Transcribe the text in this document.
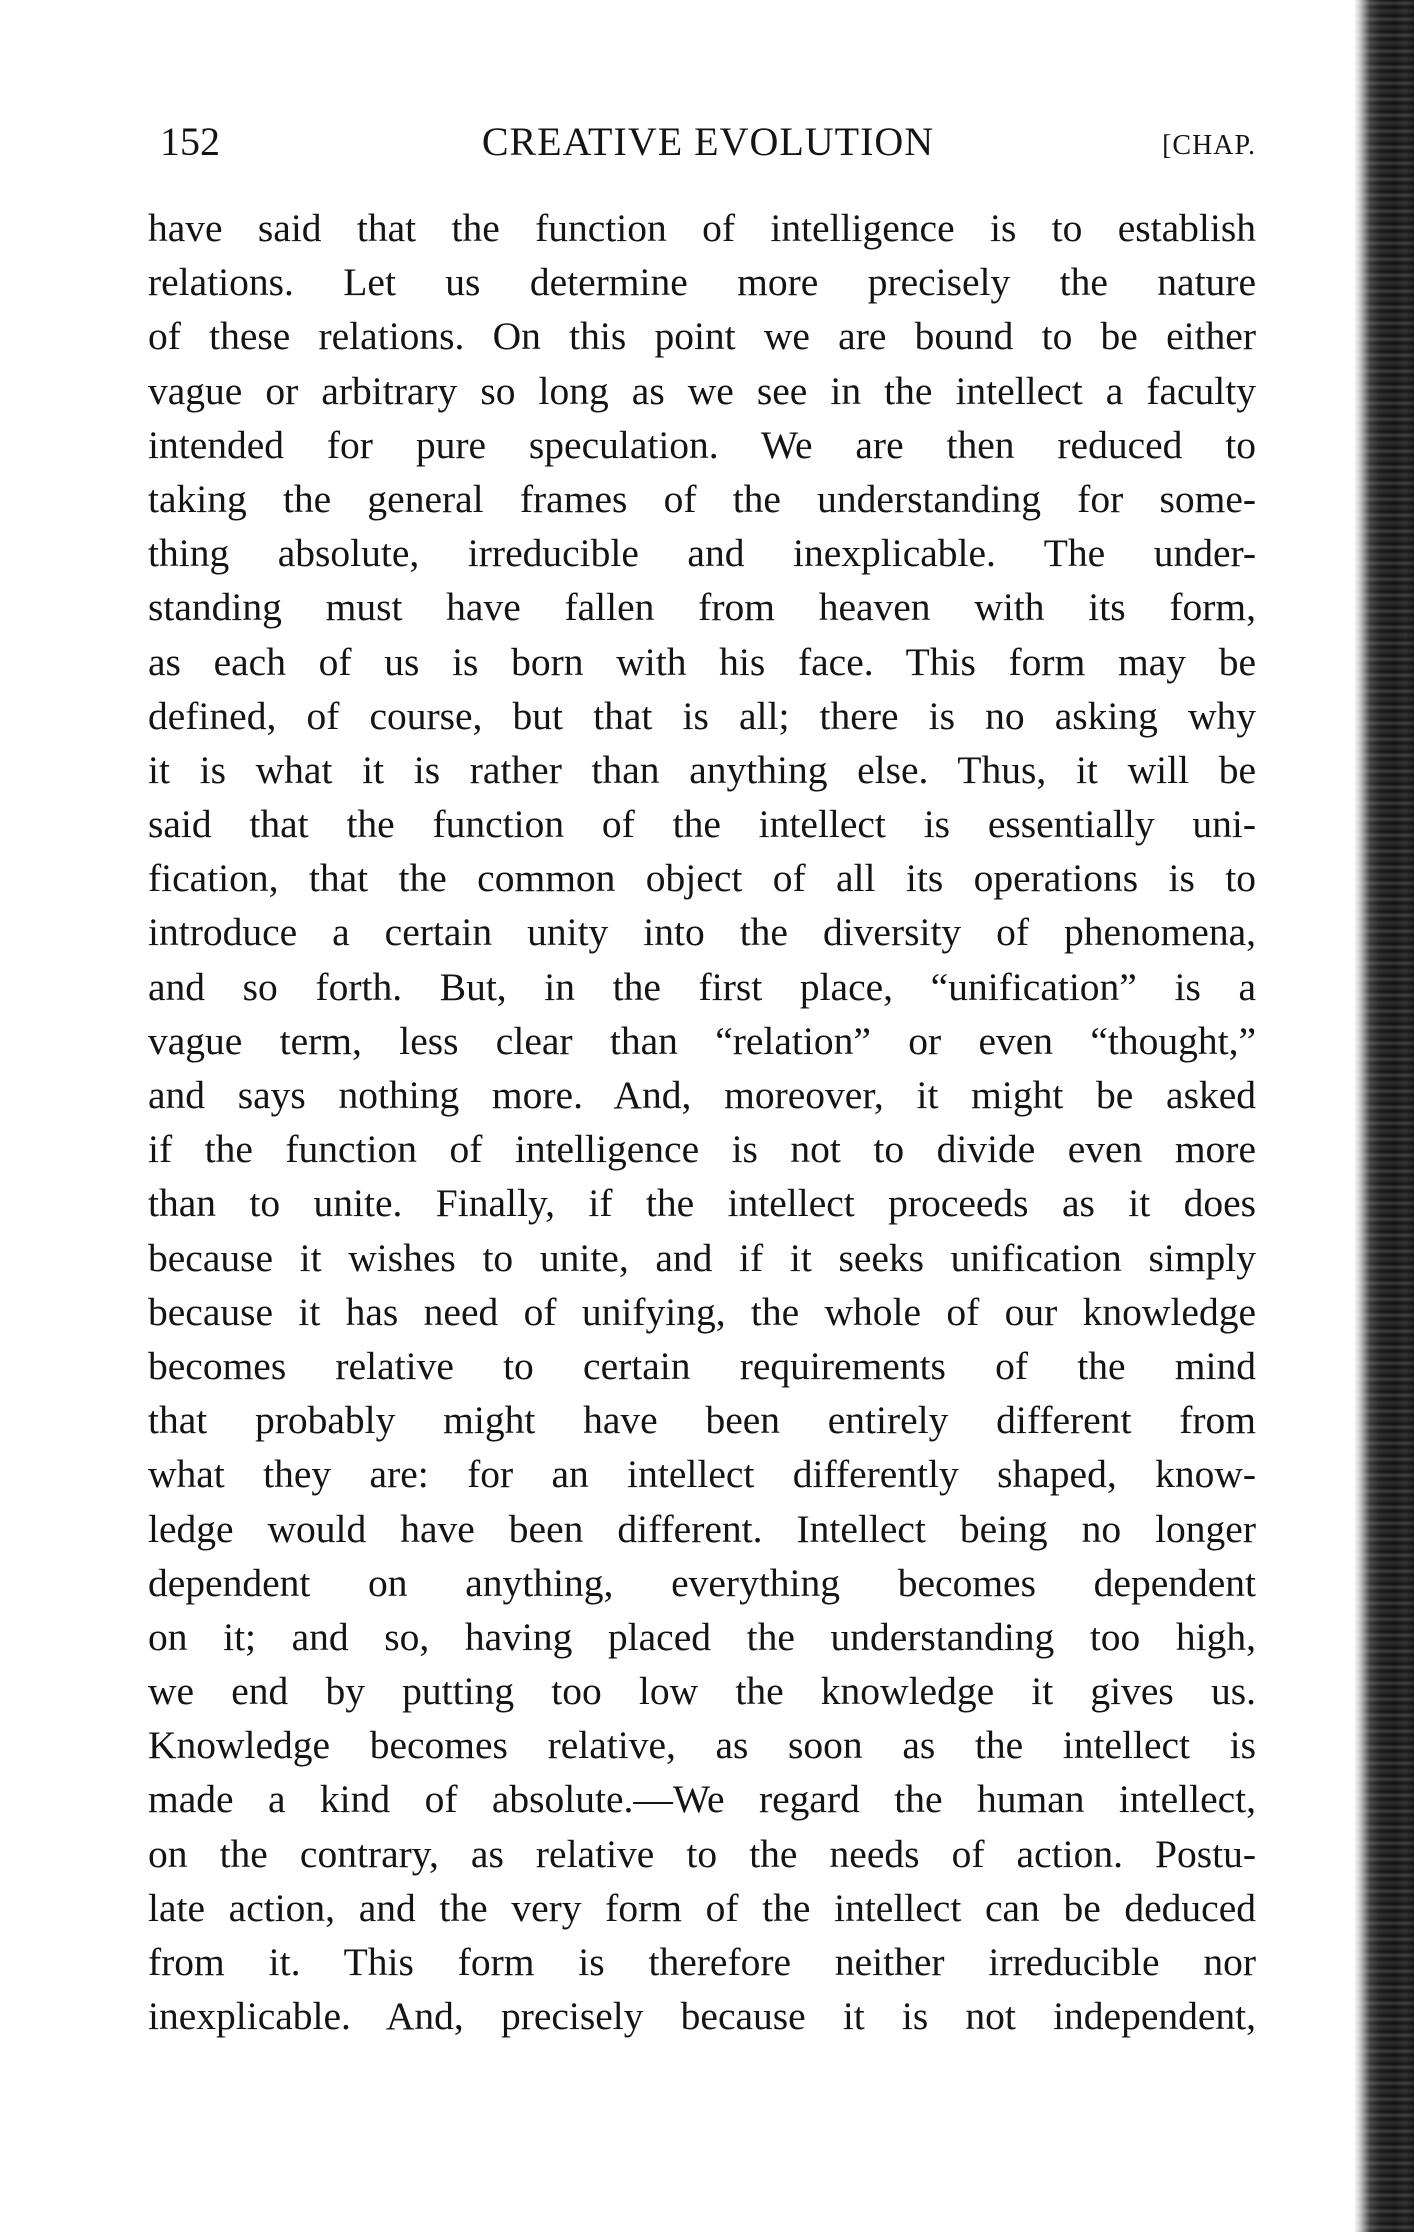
152	CREATIVE EVOLUTION	[CHAP.
have said that the function of intelligence is to establish
relations. Let us determine more precisely the nature
of these relations. On this point we are bound to be either
vague or arbitrary so long as we see in the intellect a faculty
intended for pure speculation. We are then reduced to
taking the general frames of the understanding for some-
thing absolute, irreducible and inexplicable. The under-
standing must have fallen from heaven with its form,
as each of us is born with his face. This form may be
defined, of course, but that is all; there is no asking why
it is what it is rather than anything else. Thus, it will be
said that the function of the intellect is essentially uni-
fication, that the common object of all its operations is to
introduce a certain unity into the diversity of phenomena,
and so forth. But, in the first place, “unification” is a
vague term, less clear than “relation” or even “thought,”
and says nothing more. And, moreover, it might be asked
if the function of intelligence is not to divide even more
than to unite. Finally, if the intellect proceeds as it does
because it wishes to unite, and if it seeks unification simply
because it has need of unifying, the whole of our knowledge
becomes relative to certain requirements of the mind
that probably might have been entirely different from
what they are: for an intellect differently shaped, know-
ledge would have been different. Intellect being no longer
dependent on anything, everything becomes dependent
on it; and so, having placed the understanding too high,
we end by putting too low the knowledge it gives us.
Knowledge becomes relative, as soon as the intellect is
made a kind of absolute.—We regard the human intellect,
on the contrary, as relative to the needs of action. Postu-
late action, and the very form of the intellect can be deduced
from it. This form is therefore neither irreducible nor
inexplicable. And, precisely because it is not independent,
